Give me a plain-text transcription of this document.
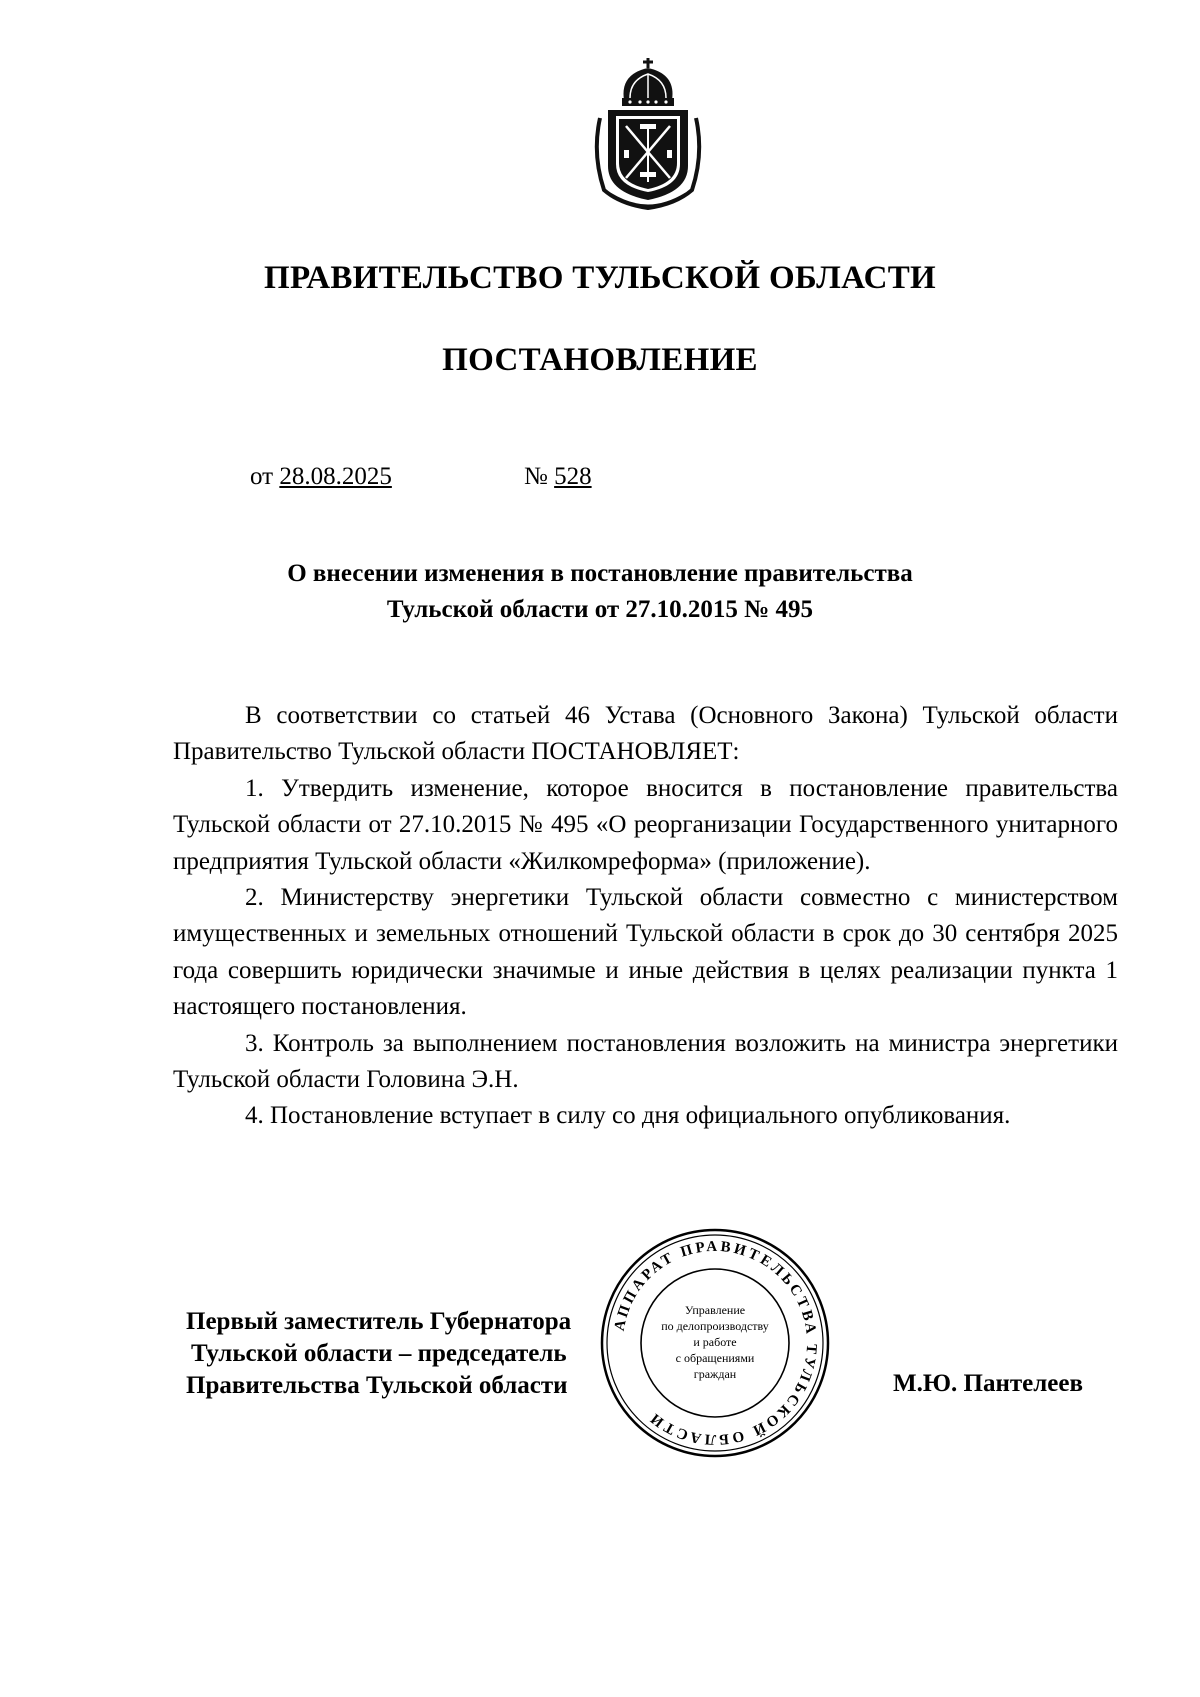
ПРАВИТЕЛЬСТВО ТУЛЬСКОЙ ОБЛАСТИ
ПОСТАНОВЛЕНИЕ
от 28.08.2025	№ 528
О внесении изменения в постановление правительства
Тульской области от 27.10.2015 № 495

В соответствии со статьей 46 Устава (Основного Закона) Тульской области Правительство Тульской области ПОСТАНОВЛЯЕТ:

1. Утвердить изменение, которое вносится в постановление правительства Тульской области от 27.10.2015 № 495 «О реорганизации Государственного унитарного предприятия Тульской области «Жилкомреформа» (приложение).

2. Министерству энергетики Тульской области совместно с министерством имущественных и земельных отношений Тульской области в срок до 30 сентября 2025 года совершить юридически значимые и иные действия в целях реализации пункта 1 настоящего постановления.

3. Контроль за выполнением постановления возложить на министра энергетики Тульской области Головина Э.Н.

4. Постановление вступает в силу со дня официального опубликования.

Первый заместитель Губернатора
Тульской области – председатель
Правительства Тульской области	М.Ю. Пантелеев
АППАРАТ ПРАВИТЕЛЬСТВА ТУЛЬСКОЙ ОБЛАСТИ
Управление
по делопроизводству
и работе
с обращениями
граждан
